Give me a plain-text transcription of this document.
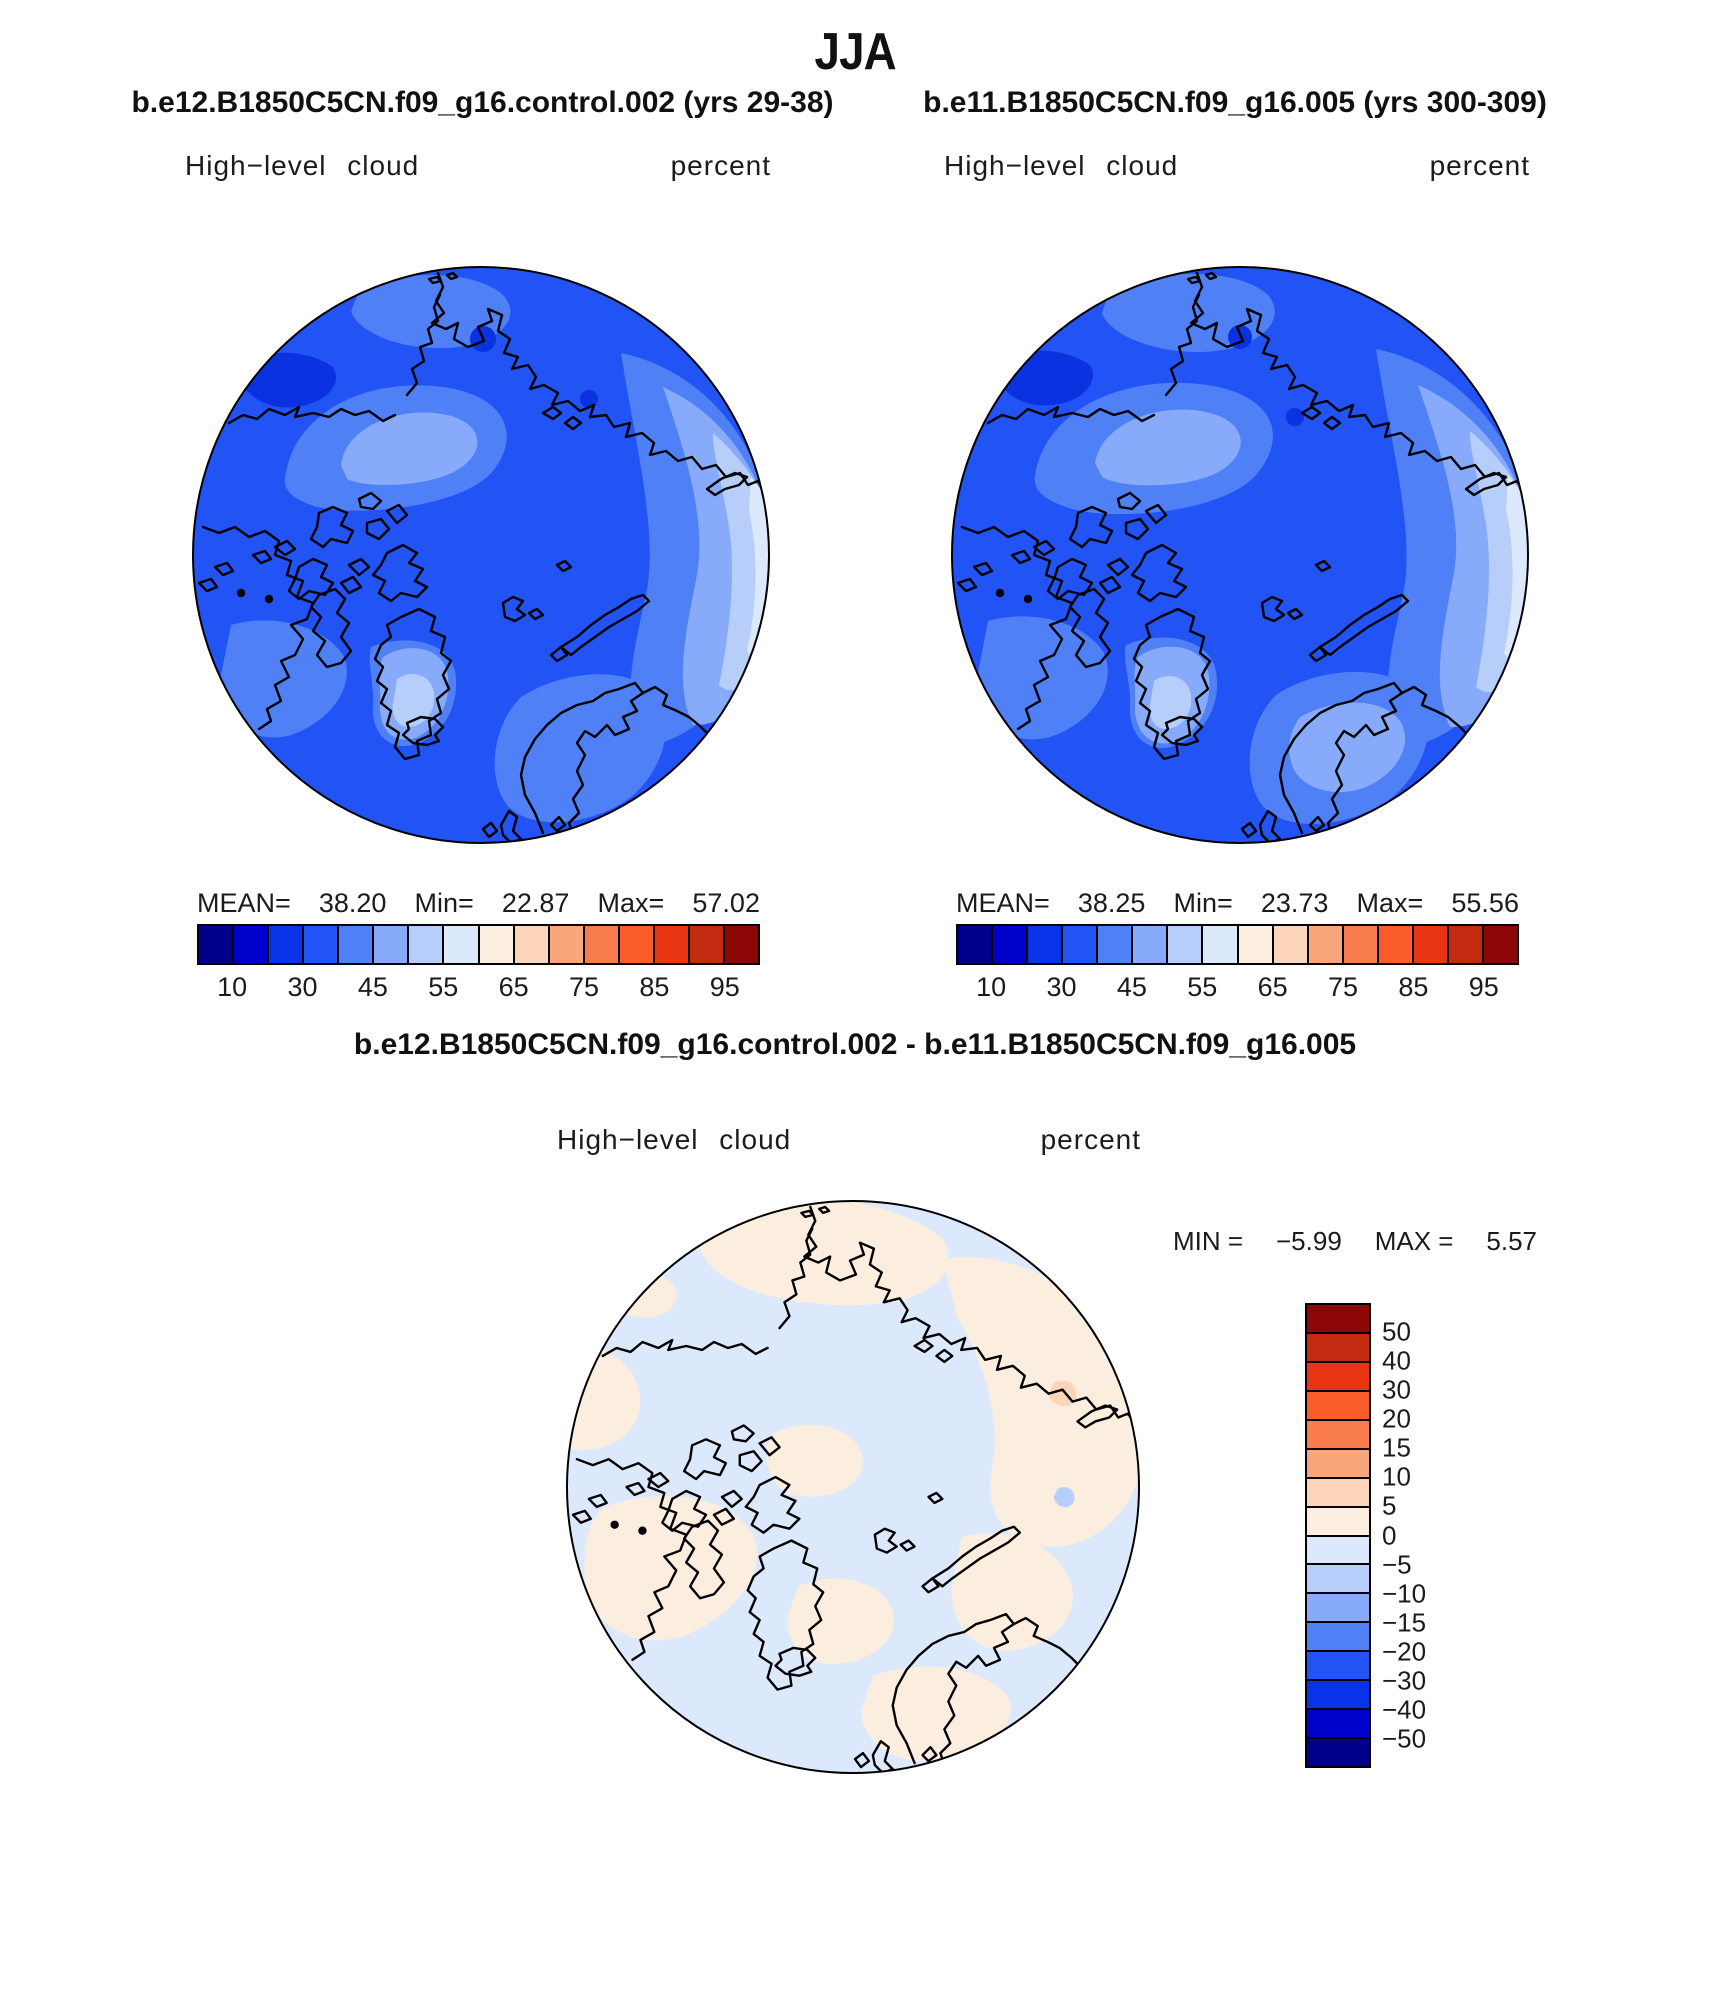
JJA
b.e12.B1850C5CN.f09_g16.control.002 (yrs 29-38)	b.e11.B1850C5CN.f09_g16.005 (yrs 300-309)
High−level cloud	percent	High−level cloud	percent
MEAN= 38.20 Min= 22.87 Max= 57.02	MEAN= 38.25 Min= 23.73 Max= 55.56
10 30 45 55 65 75 85 95	10 30 45 55 65 75 85 95
b.e12.B1850C5CN.f09_g16.control.002 - b.e11.B1850C5CN.f09_g16.005
High−level cloud	percent
MIN = −5.99 MAX = 5.57
50
40
30
20
15
10
5
0
−5
−10
−15
−20
−30
−40
−50
